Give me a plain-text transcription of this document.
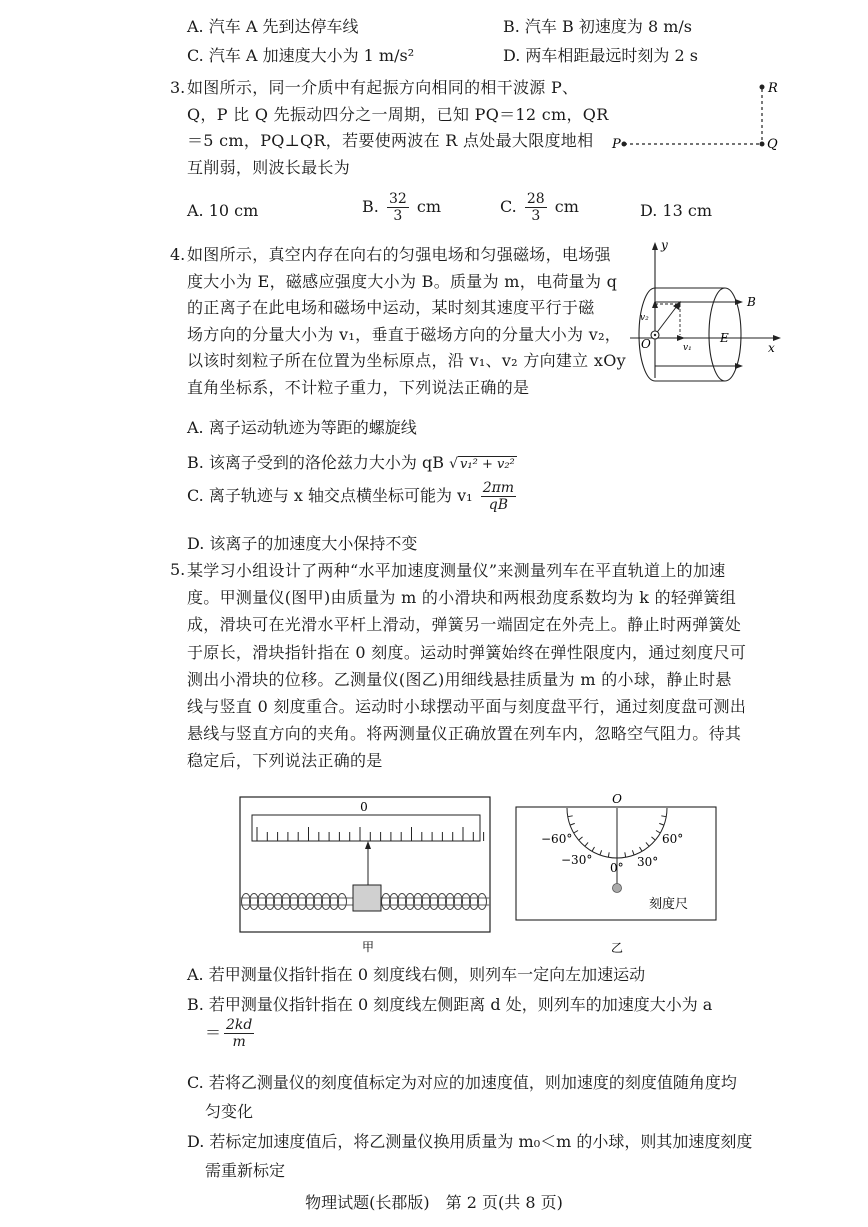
A. 汽车 A 先到达停车线	B. 汽车 B 初速度为 8 m/s
C. 汽车 A 加速度大小为 1 m/s²	D. 两车相距最远时刻为 2 s
3. 如图所示，同一介质中有起振方向相同的相干波源 P、
Q，P 比 Q 先振动四分之一周期，已知 PQ＝12 cm，QR
＝5 cm，PQ⊥QR，若要使两波在 R 点处最大限度地相
互削弱，则波长最长为
R
P	Q
A. 10 cm	B. $\frac{32}{3}$ cm	C. $\frac{28}{3}$ cm	D. 13 cm
4. 如图所示，真空内存在向右的匀强电场和匀强磁场，电场强
度大小为 E，磁感应强度大小为 B。质量为 m，电荷量为 q
的正离子在此电场和磁场中运动，某时刻其速度平行于磁
场方向的分量大小为 v₁，垂直于磁场方向的分量大小为 v₂，
以该时刻粒子所在位置为坐标原点，沿 v₁、v₂ 方向建立 xOy
直角坐标系，不计粒子重力，下列说法正确的是
y
x
O
B
E
v₂
v₁
A. 离子运动轨迹为等距的螺旋线
B. 该离子受到的洛伦兹力大小为 qB √ v₁² + v₂²
C. 离子轨迹与 x 轴交点横坐标可能为 $v_1 \frac{2\pi m}{qB}$
D. 该离子的加速度大小保持不变
5. 某学习小组设计了两种“水平加速度测量仪”来测量列车在平直轨道上的加速
度。甲测量仪(图甲)由质量为 m 的小滑块和两根劲度系数均为 k 的轻弹簧组
成，滑块可在光滑水平杆上滑动，弹簧另一端固定在外壳上。静止时两弹簧处
于原长，滑块指针指在 0 刻度。运动时弹簧始终在弹性限度内，通过刻度尺可
测出小滑块的位移。乙测量仪(图乙)用细线悬挂质量为 m 的小球，静止时悬
线与竖直 0 刻度重合。运动时小球摆动平面与刻度盘平行，通过刻度盘可测出
悬线与竖直方向的夹角。将两测量仪正确放置在列车内，忽略空气阻力。待其
稳定后，下列说法正确的是
0
甲
O
−60°	60°
−30°	30°
0°
刻度尺
乙
A. 若甲测量仪指针指在 0 刻度线右侧，则列车一定向左加速运动
B. 若甲测量仪指针指在 0 刻度线左侧距离 d 处，则列车的加速度大小为 a
＝ $\frac{2kd}{m}$
C. 若将乙测量仪的刻度值标定为对应的加速度值，则加速度的刻度值随角度均
匀变化
D. 若标定加速度值后，将乙测量仪换用质量为 m₀＜m 的小球，则其加速度刻度
需重新标定
物理试题(长郡版)　第 2 页(共 8 页)
